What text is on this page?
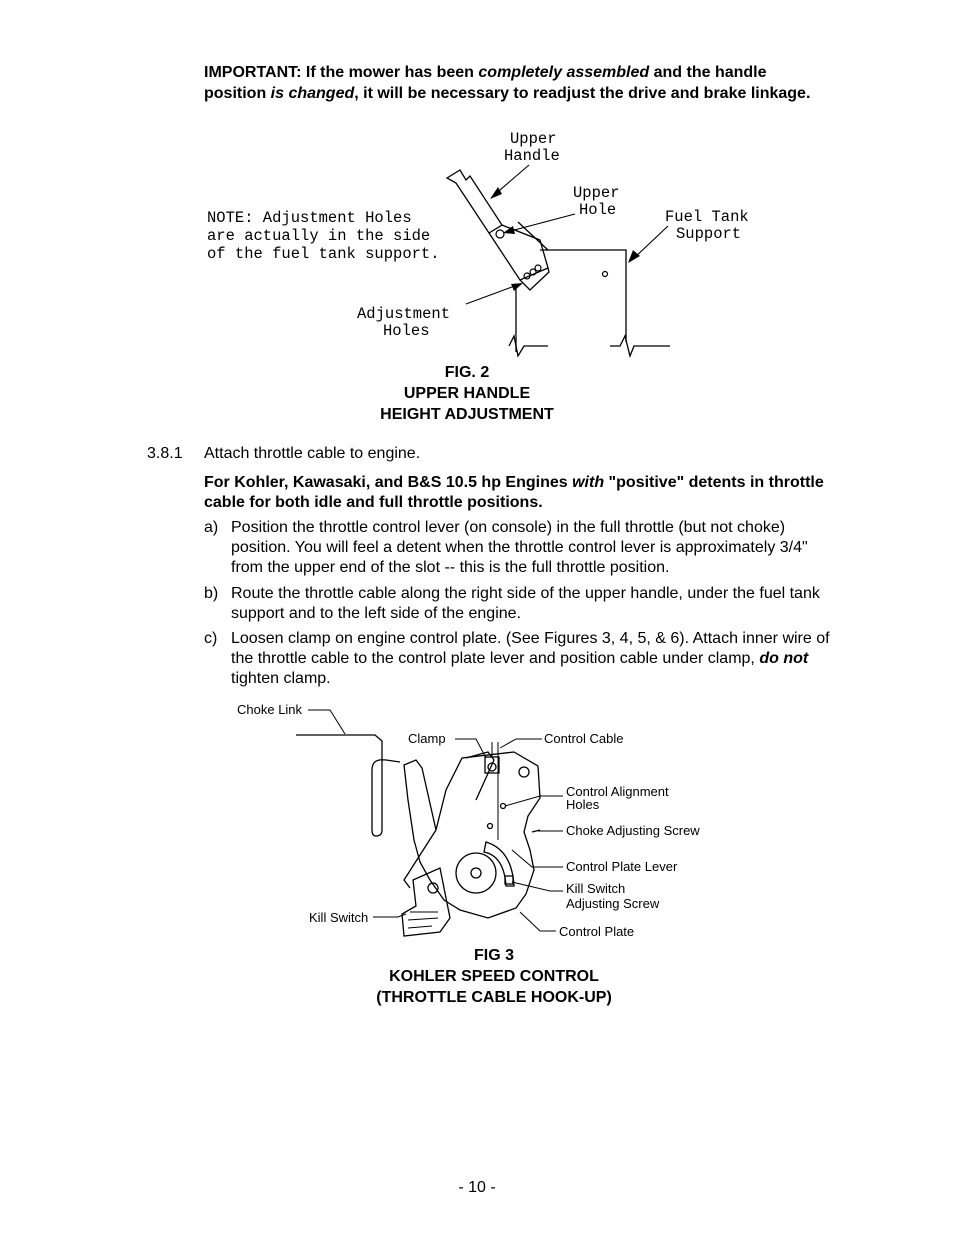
IMPORTANT: If the mower has been completely assembled and the handle position is changed, it will be necessary to readjust the drive and brake linkage.
Upper
Handle
Upper
Hole	Fuel Tank
Support
NOTE: Adjustment Holes
are actually in the side
of the fuel tank support.
Adjustment
Holes
FIG. 2
UPPER HANDLE
HEIGHT ADJUSTMENT
3.8.1 Attach throttle cable to engine.
For Kohler, Kawasaki, and B&S 10.5 hp Engines with "positive" detents in throttle cable for both idle and full throttle positions.
a) Position the throttle control lever (on console) in the full throttle (but not choke) position. You will feel a detent when the throttle control lever is approximately 3/4" from the upper end of the slot -- this is the full throttle position.
b) Route the throttle cable along the right side of the upper handle, under the fuel tank support and to the left side of the engine.
c) Loosen clamp on engine control plate. (See Figures 3, 4, 5, & 6). Attach inner wire of the throttle cable to the control plate lever and position cable under clamp, do not tighten clamp.
Choke Link
Clamp	Control Cable
Control Alignment
Holes
Choke Adjusting Screw
Control Plate Lever
Kill Switch
Adjusting Screw
Kill Switch
Control Plate
FIG 3
KOHLER SPEED CONTROL
(THROTTLE CABLE HOOK-UP)
- 10 -
